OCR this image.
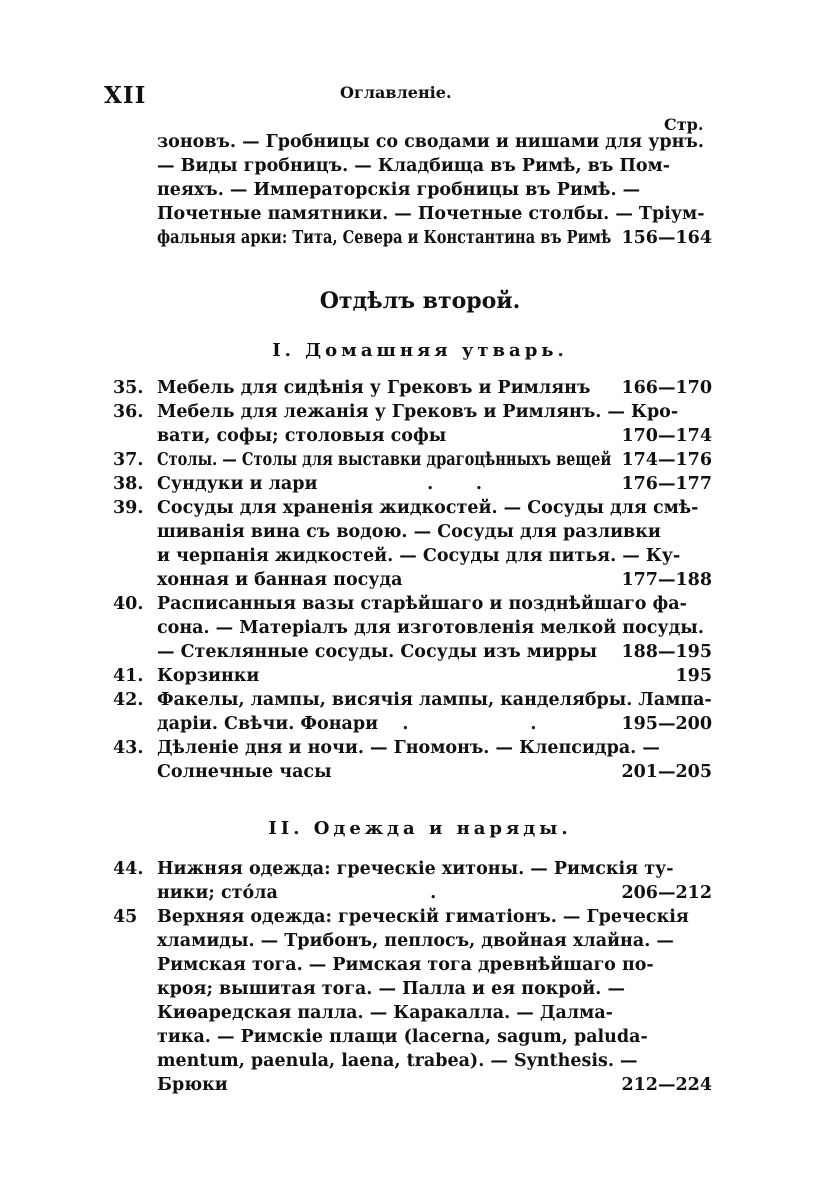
XII	Оглавленіе.
Стр.
зоновъ. — Гробницы со сводами и нишами для урнъ.
— Виды гробницъ. — Кладбища въ Римѣ, въ Пом-
пеяхъ. — Императорскія гробницы въ Римѣ. —
Почетные памятники. — Почетные столбы. — Тріум-
фальныя арки: Тита, Севера и Константина въ Римѣ 156—164
Отдѣлъ второй.
I. Домашняя утварь.
35. Мебель для сидѣнія у Грековъ и Римлянъ 166—170
36. Мебель для лежанія у Грековъ и Римлянъ. — Кро-
вати, софы; столовыя софы	170—174
37. Столы. — Столы для выставки драгоцѣнныхъ вещей 174—176
38. Сундуки и лари                  .       .	176—177
39. Сосуды для храненія жидкостей. — Сосуды для смѣ-
шиванія вина съ водою. — Сосуды для разливки
и черпанія жидкостей. — Сосуды для питья. — Ку-
хонная и банная посуда	177—188
40. Расписанныя вазы старѣйшаго и позднѣйшаго фа-
сона. — Матеріалъ для изготовленія мелкой посуды.
— Стеклянные сосуды. Сосуды изъ мирры 188—195
41. Корзинки	195
42. Факелы, лампы, висячія лампы, канделябры. Лампа-
даріи. Свѣчи. Фонари    .                    .	195—200
43. Дѣленіе дня и ночи. — Гномонъ. — Клепсидра. —
Солнечные часы	201—205
II. Одежда и наряды.
44. Нижняя одежда: греческіе хитоны. — Римскія ту-
ники; стóла                         .	206—212
45	Верхняя одежда: греческій гиматіонъ. — Греческія
хламиды. — Трибонъ, пеплосъ, двойная хлайна. —
Римская тога. — Римская тога древнѣйшаго по-
кроя; вышитая тога. — Палла и ея покрой. —
Киѳаредская палла. — Каракалла. — Далма-
тика. — Римскіе плащи (lacerna, sagum, paluda-
mentum, paenula, laena, trabea). — Synthesis. —
Брюки	212—224
